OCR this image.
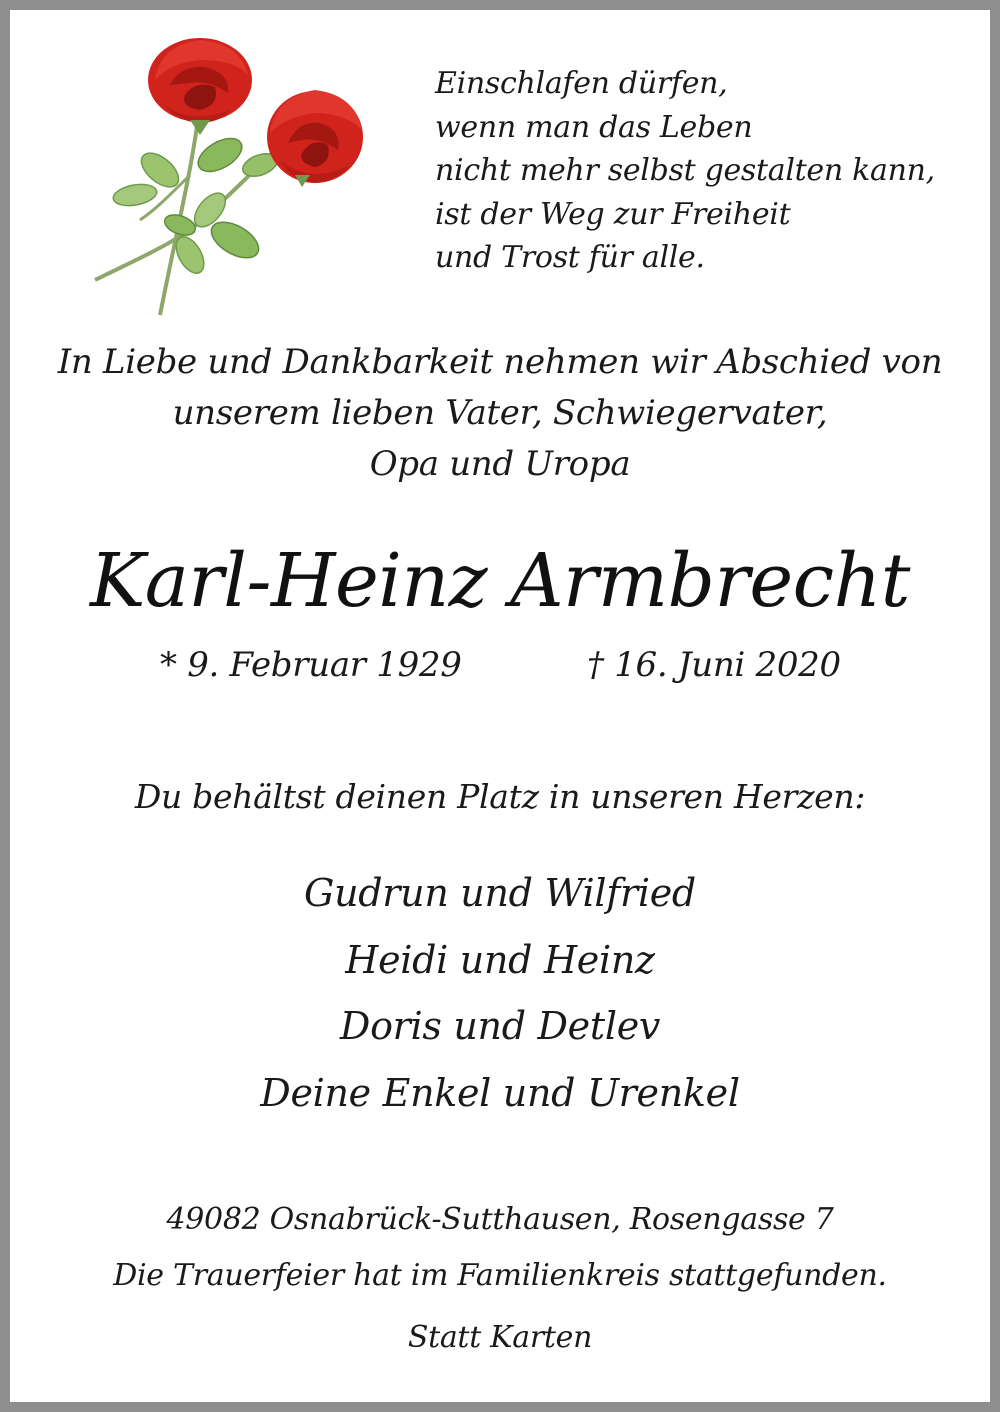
Einschlafen dürfen,
wenn man das Leben
nicht mehr selbst gestalten kann,
ist der Weg zur Freiheit
und Trost für alle.
In Liebe und Dankbarkeit nehmen wir Abschied von
unserem lieben Vater, Schwiegervater,
Opa und Uropa
Karl-Heinz Armbrecht
* 9. Februar 1929	† 16. Juni 2020
Du behältst deinen Platz in unseren Herzen:
Gudrun und Wilfried
Heidi und Heinz
Doris und Detlev
Deine Enkel und Urenkel
49082 Osnabrück-Sutthausen, Rosengasse 7
Die Trauerfeier hat im Familienkreis stattgefunden.
Statt Karten
